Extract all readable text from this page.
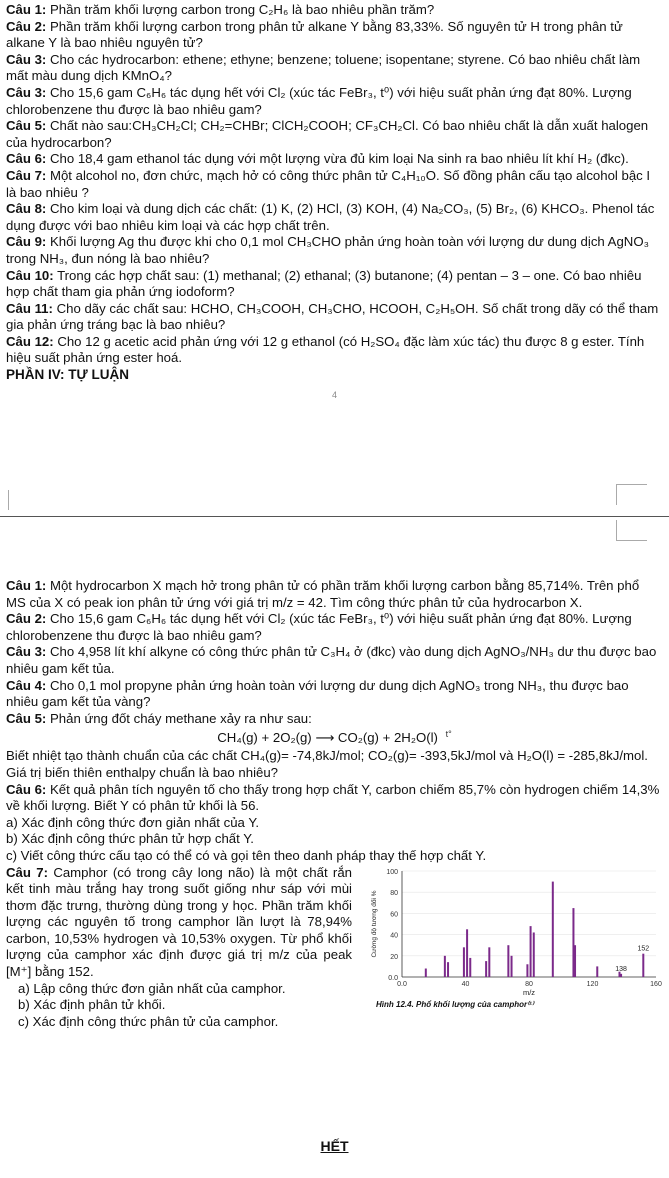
Câu 1: Phần trăm khối lượng carbon trong C₂H₆ là bao nhiêu phần trăm?

Câu 2: Phần trăm khối lượng carbon trong phân tử alkane Y bằng 83,33%. Số nguyên tử H trong phân tử alkane Y là bao nhiêu nguyên tử?

Câu 3: Cho các hydrocarbon: ethene; ethyne; benzene; toluene; isopentane; styrene. Có bao nhiêu chất làm mất màu dung dịch KMnO₄?

Câu 3: Cho 15,6 gam C₆H₆ tác dụng hết với Cl₂ (xúc tác FeBr₃, t⁰) với hiệu suất phản ứng đạt 80%. Lượng chlorobenzene thu được là bao nhiêu gam?

Câu 5: Chất nào sau:CH₃CH₂Cl; CH₂=CHBr; ClCH₂COOH; CF₃CH₂Cl. Có bao nhiêu chất là dẫn xuất halogen của hydrocarbon?

Câu 6: Cho 18,4 gam ethanol tác dụng với một lượng vừa đủ kim loại Na sinh ra bao nhiêu lít khí H₂ (đkc).

Câu 7: Một alcohol no, đơn chức, mạch hở có công thức phân tử C₄H₁₀O. Số đồng phân cấu tạo alcohol bậc I là bao nhiêu ?

Câu 8: Cho kim loại và dung dịch các chất: (1) K, (2) HCl, (3) KOH, (4) Na₂CO₃, (5) Br₂, (6) KHCO₃. Phenol tác dụng được với bao nhiêu kim loại và các hợp chất trên.

Câu 9: Khối lượng Ag thu được khi cho 0,1 mol CH₃CHO phản ứng hoàn toàn với lượng dư dung dịch AgNO₃ trong NH₃, đun nóng là bao nhiêu?

Câu 10: Trong các hợp chất sau: (1) methanal; (2) ethanal; (3) butanone; (4) pentan – 3 – one. Có bao nhiêu hợp chất tham gia phản ứng iodoform?

Câu 11: Cho dãy các chất sau: HCHO, CH₃COOH, CH₃CHO, HCOOH, C₂H₅OH. Số chất trong dãy có thể tham gia phản ứng tráng bạc là bao nhiêu?

Câu 12: Cho 12 g acetic acid phản ứng với 12 g ethanol (có H₂SO₄ đặc làm xúc tác) thu được 8 g ester. Tính hiệu suất phản ứng ester hoá.

PHẦN IV: TỰ LUẬN

4

Câu 1: Một hydrocarbon X mạch hở trong phân tử có phần trăm khối lượng carbon bằng 85,714%. Trên phổ MS của X có peak ion phân tử ứng với giá trị m/z = 42. Tìm công thức phân tử của hydrocarbon X.

Câu 2: Cho 15,6 gam C₆H₆ tác dụng hết với Cl₂ (xúc tác FeBr₃, t⁰) với hiệu suất phản ứng đạt 80%. Lượng chlorobenzene thu được là bao nhiêu gam?

Câu 3: Cho 4,958 lít khí alkyne có công thức phân tử C₃H₄ ở (đkc) vào dung dịch AgNO₃/NH₃ dư thu được bao nhiêu gam kết tủa.

Câu 4: Cho 0,1 mol propyne phản ứng hoàn toàn với lượng dư dung dịch AgNO₃ trong NH₃, thu được bao nhiêu gam kết tủa vàng?

Câu 5: Phản ứng đốt cháy methane xảy ra như sau:

CH₄(g) + 2O₂(g) ⟶ CO₂(g) + 2H₂O(l) $^{t^\circ}$

Biết nhiệt tạo thành chuẩn của các chất CH₄(g)= -74,8kJ/mol; CO₂(g)= -393,5kJ/mol và H₂O(l) = -285,8kJ/mol. Giá trị biến thiên enthalpy chuẩn là bao nhiêu?

Câu 6: Kết quả phân tích nguyên tố cho thấy trong hợp chất Y, carbon chiếm 85,7% còn hydrogen chiếm 14,3% về khối lượng. Biết Y có phân tử khối là 56.

a) Xác định công thức đơn giản nhất của Y.

b) Xác định công thức phân tử hợp chất Y.

c) Viết công thức cấu tạo có thể có và gọi tên theo danh pháp thay thế hợp chất Y.

Câu 7: Camphor (có trong cây long não) là một chất rắn kết tinh màu trắng hay trong suốt giống như sáp với mùi thơm đặc trưng, thường dùng trong y học. Phần trăm khối lượng các nguyên tố trong camphor lần lượt là 78,94% carbon, 10,53% hydrogen và 10,53% oxygen. Từ phổ khối lượng của camphor xác định được giá trị m/z của peak [M⁺] bằng 152.

a) Lập công thức đơn giản nhất của camphor.

b) Xác định phân tử khối.

c) Xác định công thức phân tử của camphor.

0.0
20
40
60
80
100
0.0	40	80	120	160
152
138
m/z
Cường độ tương đối %
Hình 12.4. Phổ khối lượng của camphor⁽¹⁾
HẾT
